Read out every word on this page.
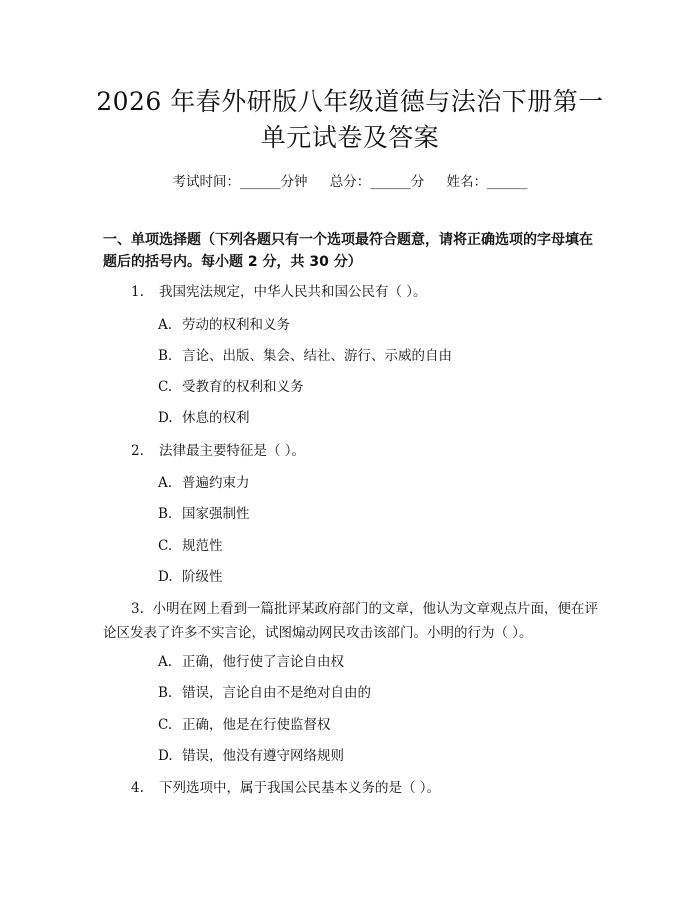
2026 年春外研版八年级道德与法治下册第一
单元试卷及答案
考试时间：______分钟 总分：______分 姓名：______
一、单项选择题（下列各题只有一个选项最符合题意，请将正确选项的字母填在
题后的括号内。每小题 2 分，共 30 分）
1. 我国宪法规定，中华人民共和国公民有（ ）。
A. 劳动的权利和义务
B. 言论、出版、集会、结社、游行、示威的自由
C. 受教育的权利和义务
D. 休息的权利
2. 法律最主要特征是（ ）。
A. 普遍约束力
B. 国家强制性
C. 规范性
D. 阶级性
3. 小明在网上看到一篇批评某政府部门的文章，他认为文章观点片面，便在评论区发表了许多不实言论，试图煽动网民攻击该部门。小明的行为（ ）。
A. 正确，他行使了言论自由权
B. 错误，言论自由不是绝对自由的
C. 正确，他是在行使监督权
D. 错误，他没有遵守网络规则
4. 下列选项中，属于我国公民基本义务的是（ ）。
